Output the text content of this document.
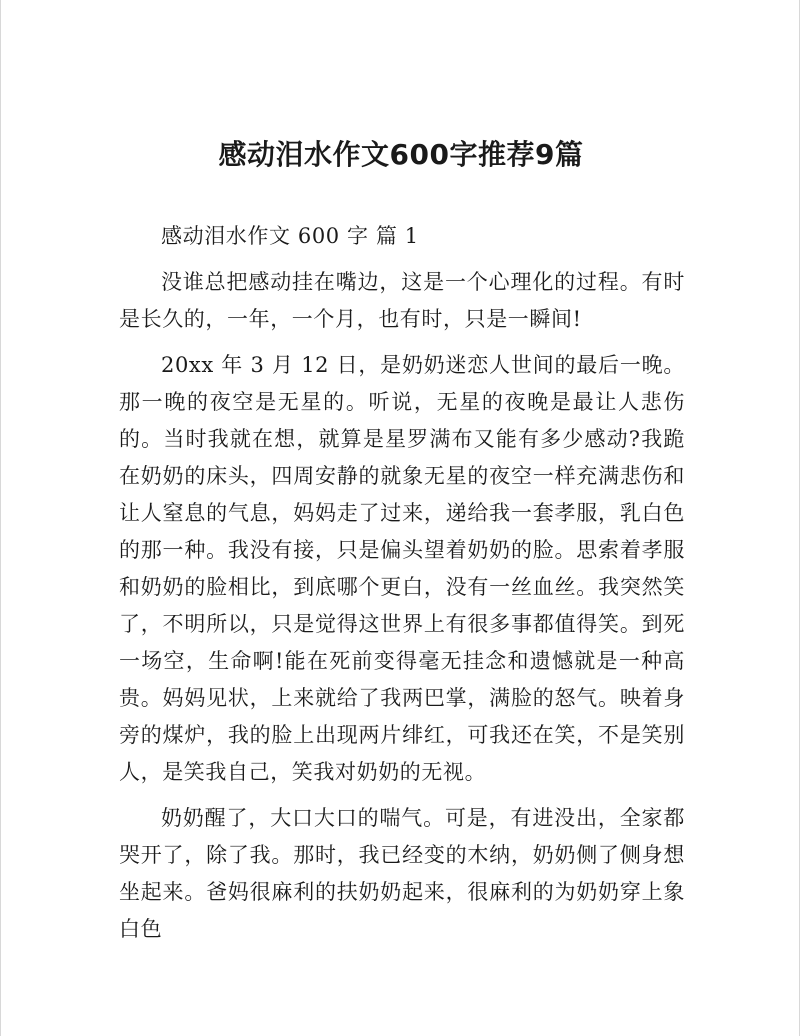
感动泪水作文600字推荐9篇

感动泪水作文 600 字 篇 1

没谁总把感动挂在嘴边，这是一个心理化的过程。有时是长久的，一年，一个月，也有时，只是一瞬间!

20xx 年 3 月 12 日，是奶奶迷恋人世间的最后一晚。那一晚的夜空是无星的。听说，无星的夜晚是最让人悲伤的。当时我就在想，就算是星罗满布又能有多少感动?我跪在奶奶的床头，四周安静的就象无星的夜空一样充满悲伤和让人窒息的气息，妈妈走了过来，递给我一套孝服，乳白色的那一种。我没有接，只是偏头望着奶奶的脸。思索着孝服和奶奶的脸相比，到底哪个更白，没有一丝血丝。我突然笑了，不明所以，只是觉得这世界上有很多事都值得笑。到死一场空，生命啊!能在死前变得毫无挂念和遗憾就是一种高贵。妈妈见状，上来就给了我两巴掌，满脸的怒气。映着身旁的煤炉，我的脸上出现两片绯红，可我还在笑，不是笑别人，是笑我自己，笑我对奶奶的无视。

奶奶醒了，大口大口的喘气。可是，有进没出，全家都哭开了，除了我。那时，我已经变的木纳，奶奶侧了侧身想坐起来。爸妈很麻利的扶奶奶起来，很麻利的为奶奶穿上象白色
